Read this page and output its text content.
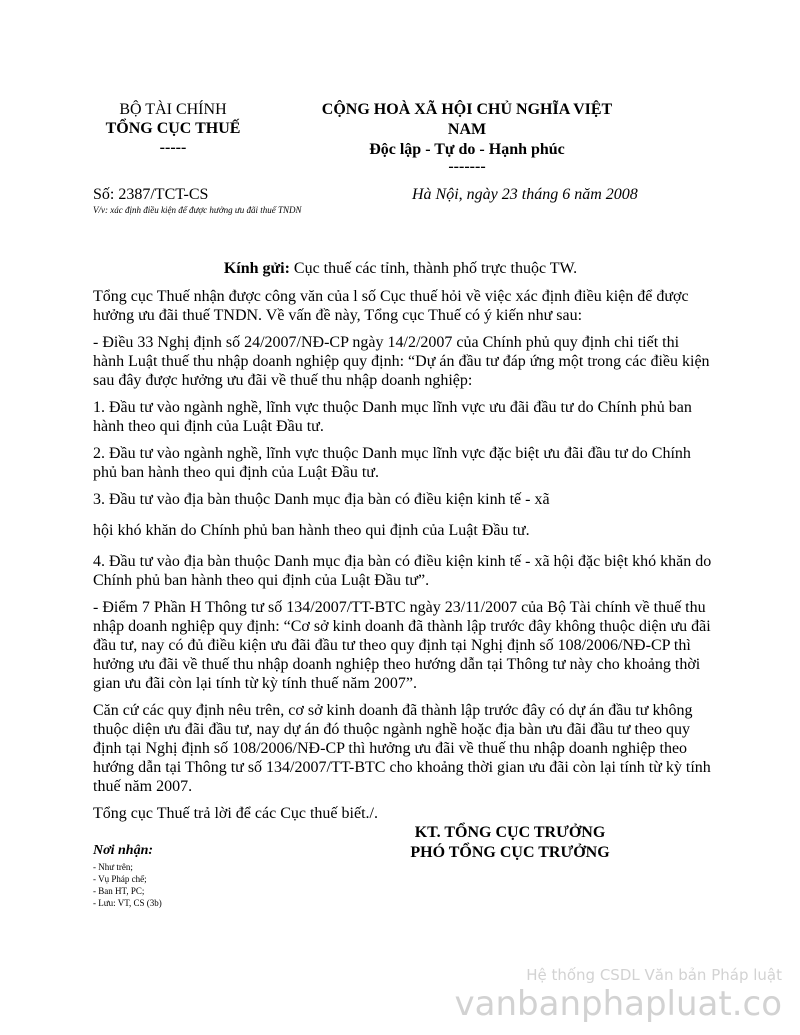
BỘ TÀI CHÍNH
TỔNG CỤC THUẾ
-----
CỘNG HOÀ XÃ HỘI CHỦ NGHĨA VIỆT
NAM
Độc lập - Tự do - Hạnh phúc
-------
Số: 2387/TCT-CS	Hà Nội, ngày 23 tháng 6 năm 2008
V/v: xác định điều kiện để được hưởng ưu đãi thuế TNDN
Kính gửi: Cục thuế các tỉnh, thành phố trực thuộc TW.

Tổng cục Thuế nhận được công văn của l số Cục thuế hỏi về việc xác định điều kiện để được hưởng ưu đãi thuế TNDN. Về vấn đề này, Tổng cục Thuế có ý kiến như sau:

- Điều 33 Nghị định số 24/2007/NĐ-CP ngày 14/2/2007 của Chính phủ quy định chi tiết thi hành Luật thuế thu nhập doanh nghiệp quy định: “Dự án đầu tư đáp ứng một trong các điều kiện sau đây được hưởng ưu đãi về thuế thu nhập doanh nghiệp:

1. Đầu tư vào ngành nghề, lĩnh vực thuộc Danh mục lĩnh vực ưu đãi đầu tư do Chính phủ ban hành theo qui định của Luật Đầu tư.

2. Đầu tư vào ngành nghề, lĩnh vực thuộc Danh mục lĩnh vực đặc biệt ưu đãi đầu tư do Chính phủ ban hành theo qui định của Luật Đầu tư.

3. Đầu tư vào địa bàn thuộc Danh mục địa bàn có điều kiện kinh tế - xã

hội khó khăn do Chính phủ ban hành theo qui định của Luật Đầu tư.

4. Đầu tư vào địa bàn thuộc Danh mục địa bàn có điều kiện kinh tế - xã hội đặc biệt khó khăn do Chính phủ ban hành theo qui định của Luật Đầu tư”.

- Điểm 7 Phần H Thông tư số 134/2007/TT-BTC ngày 23/11/2007 của Bộ Tài chính về thuế thu nhập doanh nghiệp quy định: “Cơ sở kinh doanh đã thành lập trước đây không thuộc diện ưu đãi đầu tư, nay có đủ điều kiện ưu đãi đầu tư theo quy định tại Nghị định số 108/2006/NĐ-CP thì hưởng ưu đãi về thuế thu nhập doanh nghiệp theo hướng dẫn tại Thông tư này cho khoảng thời gian ưu đãi còn lại tính từ kỳ tính thuế năm 2007”.

Căn cứ các quy định nêu trên, cơ sở kinh doanh đã thành lập trước đây có dự án đầu tư không thuộc diện ưu đãi đầu tư, nay dự án đó thuộc ngành nghề hoặc địa bàn ưu đãi đầu tư theo quy định tại Nghị định số 108/2006/NĐ-CP thì hưởng ưu đãi về thuế thu nhập doanh nghiệp theo hướng dẫn tại Thông tư số 134/2007/TT-BTC cho khoảng thời gian ưu đãi còn lại tính từ kỳ tính thuế năm 2007.

Tổng cục Thuế trả lời để các Cục thuế biết./.

KT. TỔNG CỤC TRƯỞNG
PHÓ TỔNG CỤC TRƯỞNG
Nơi nhận:
- Như trên;
- Vụ Pháp chế;
- Ban HT, PC;
- Lưu: VT, CS (3b)
Hệ thống CSDL Văn bản Pháp luật
vanbanphapluat.co
